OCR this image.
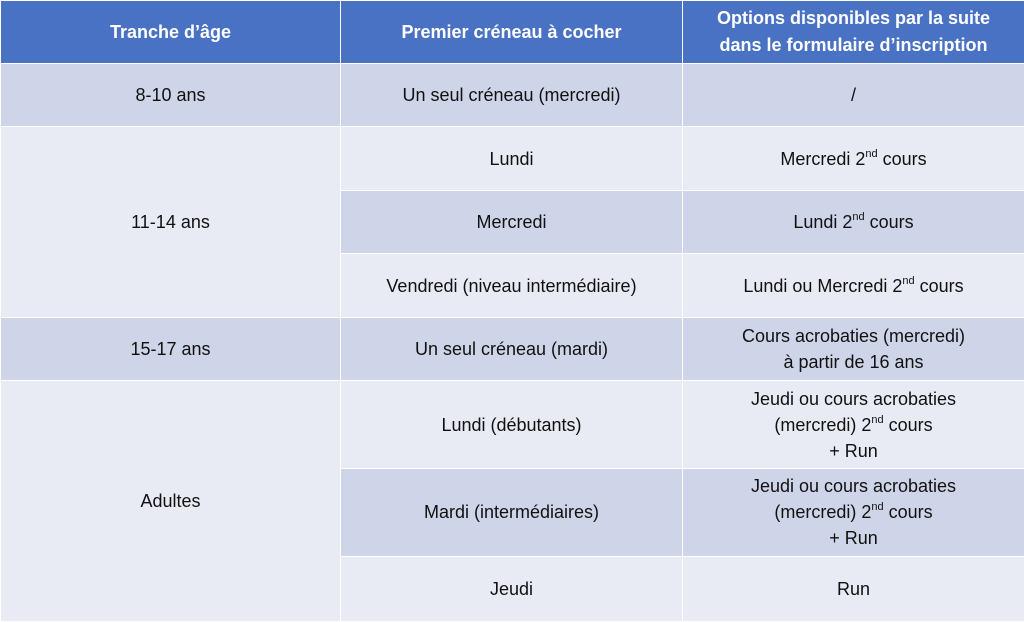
Tranche d’âge	Premier créneau à cocher	Options disponibles par la suite
dans le formulaire d’inscription

8-10 ans	Un seul créneau (mercredi)	/
11-14 ans	Lundi	Mercredi 2nd cours
	Mercredi	Lundi 2nd cours
	Vendredi (niveau intermédiaire)	Lundi ou Mercredi 2nd cours
15-17 ans	Un seul créneau (mardi)	Cours acrobaties (mercredi)
à partir de 16 ans

Adultes	Lundi (débutants)	Jeudi ou cours acrobaties
(mercredi) 2nd cours
+ Run

	Mardi (intermédiaires)	Jeudi ou cours acrobaties
(mercredi) 2nd cours
+ Run

	Jeudi	Run
